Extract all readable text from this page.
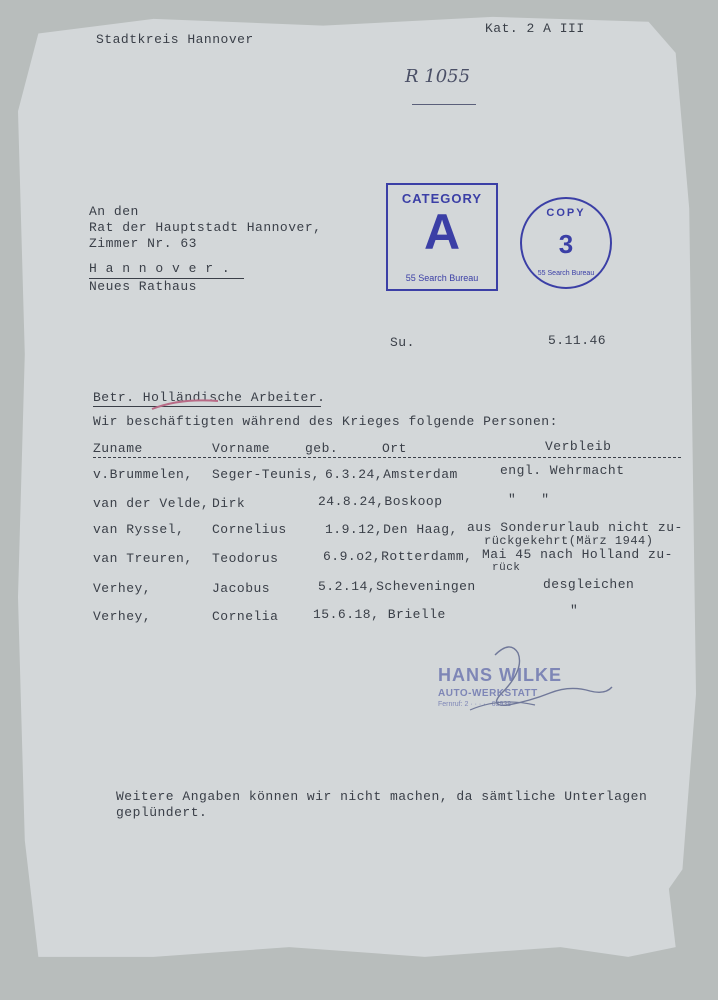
Stadtkreis Hannover
Kat. 2 A III
R 1055
An den
Rat der Hauptstadt Hannover,
Zimmer Nr. 63
H a n n o v e r .
Neues Rathaus
CATEGORY
A
55 Search Bureau
COPY
3
55 Search Bureau
Su.	5.11.46
Betr. Holländische Arbeiter.
Wir beschäftigten während des Krieges folgende Personen:
Zuname	Vorname	geb.	Ort	Verbleib
v.Brummelen, Seger-Teunis, 6.3.24,Amsterdam	engl. Wehrmacht
van der Velde, Dirk	24.8.24,Boskoop	"   "
van Ryssel, Cornelius	1.9.12,Den Haag, aus Sonderurlaub nicht zu-
rückgekehrt(März 1944)
van Treuren, Teodorus	6.9.o2,Rotterdamm, Mai 45 nach Holland zu-
rück
Verhey,	Jacobus	5.2.14,Scheveningen	desgleichen
Verhey,	Cornelia	15.6.18, Brielle	"
HANS WILKE
AUTO-WERKSTATT
Fernruf: 2 · · · · · 63938
Weitere Angaben können wir nicht machen, da sämtliche Unterlagen
geplündert.
